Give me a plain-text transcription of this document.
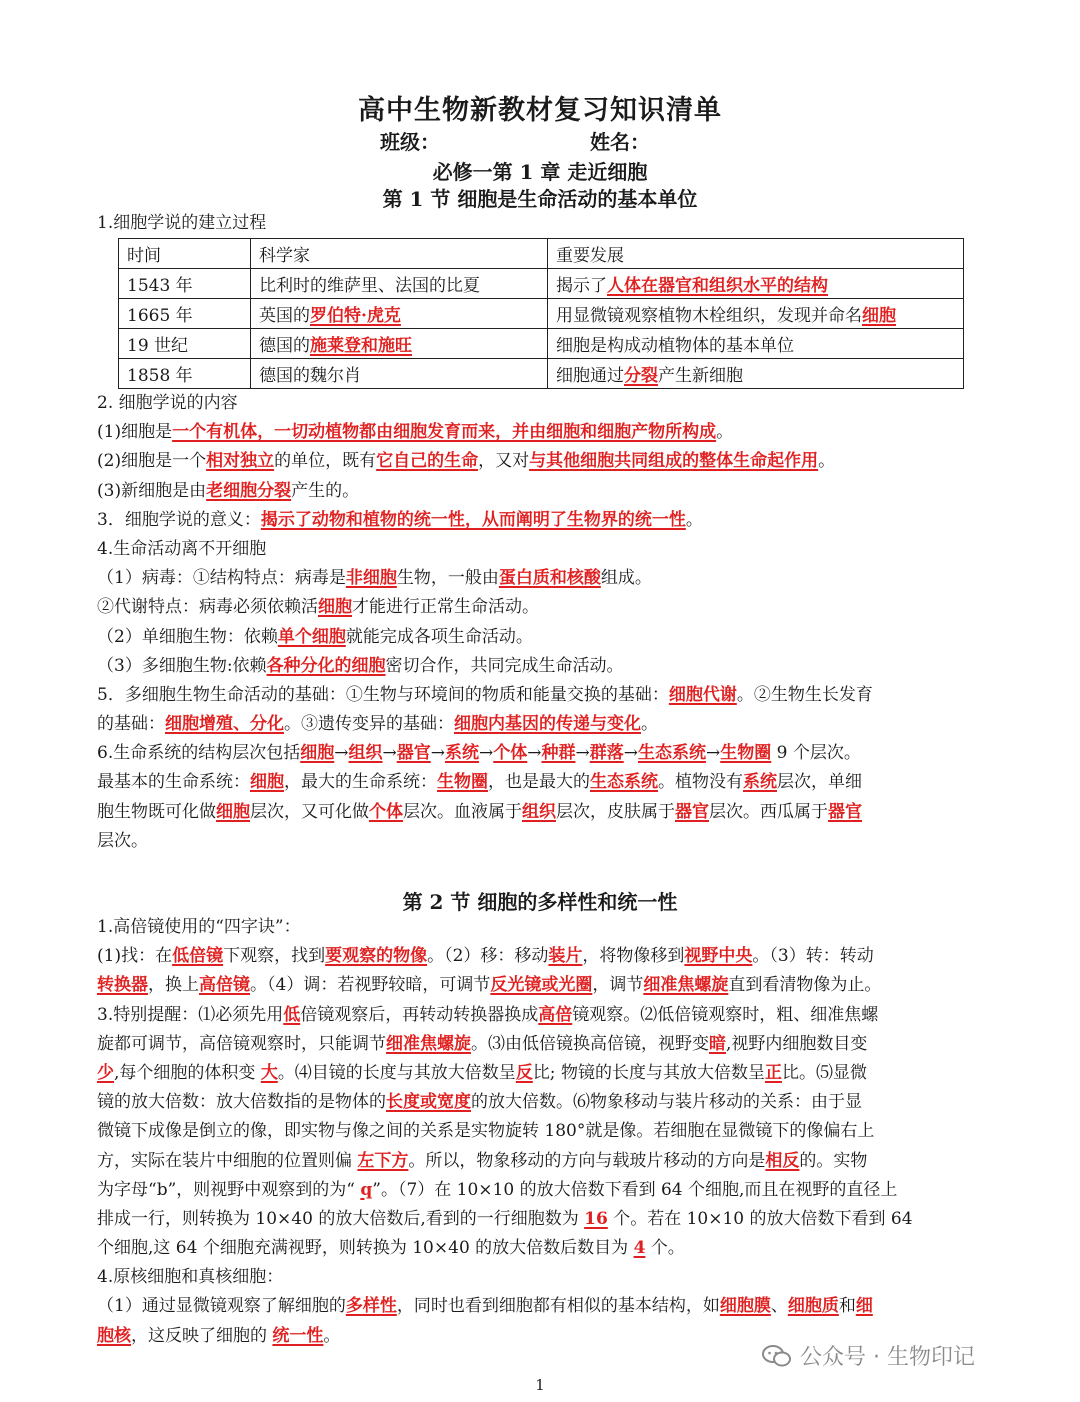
高中生物新教材复习知识清单
班级：	姓名：
必修一第 1 章 走近细胞
第 1 节 细胞是生命活动的基本单位
1.细胞学说的建立过程
时间	科学家	重要发展
1543 年	比利时的维萨里、法国的比夏	揭示了人体在器官和组织水平的结构
1665 年	英国的罗伯特·虎克	用显微镜观察植物木栓组织，发现并命名细胞
19 世纪	德国的施莱登和施旺	细胞是构成动植物体的基本单位
1858 年	德国的魏尔肖	细胞通过分裂产生新细胞
2. 细胞学说的内容
(1)细胞是一个有机体，一切动植物都由细胞发育而来，并由细胞和细胞产物所构成。
(2)细胞是一个相对独立的单位，既有它自己的生命，又对与其他细胞共同组成的整体生命起作用。
(3)新细胞是由老细胞分裂产生的。
3．细胞学说的意义：揭示了动物和植物的统一性，从而阐明了生物界的统一性。
4.生命活动离不开细胞
（1）病毒：①结构特点：病毒是非细胞生物，一般由蛋白质和核酸组成。
②代谢特点：病毒必须依赖活细胞才能进行正常生命活动。
（2）单细胞生物：依赖单个细胞就能完成各项生命活动。
（3）多细胞生物:依赖各种分化的细胞密切合作，共同完成生命活动。
5．多细胞生物生命活动的基础：①生物与环境间的物质和能量交换的基础：细胞代谢。②生物生长发育
的基础：细胞增殖、分化。③遗传变异的基础：细胞内基因的传递与变化。
6.生命系统的结构层次包括细胞→组织→器官→系统→个体→种群→群落→生态系统→生物圈 9 个层次。
最基本的生命系统：细胞，最大的生命系统：生物圈，也是最大的生态系统。植物没有系统层次，单细
胞生物既可化做细胞层次，又可化做个体层次。血液属于组织层次，皮肤属于器官层次。西瓜属于器官
层次。
第 2 节 细胞的多样性和统一性
1.高倍镜使用的“四字诀”：
(1)找：在低倍镜下观察，找到要观察的物像。（2）移：移动装片，将物像移到视野中央。（3）转：转动
转换器，换上高倍镜。（4）调：若视野较暗，可调节反光镜或光圈，调节细准焦螺旋直到看清物像为止。
3.特别提醒：⑴必须先用低倍镜观察后，再转动转换器换成高倍镜观察。⑵低倍镜观察时，粗、细准焦螺
旋都可调节，高倍镜观察时，只能调节细准焦螺旋。⑶由低倍镜换高倍镜，视野变暗,视野内细胞数目变
少,每个细胞的体积变 大。⑷目镜的长度与其放大倍数呈反比; 物镜的长度与其放大倍数呈正比。⑸显微
镜的放大倍数：放大倍数指的是物体的长度或宽度的放大倍数。⑹物象移动与装片移动的关系：由于显
微镜下成像是倒立的像，即实物与像之间的关系是实物旋转 180°就是像。若细胞在显微镜下的像偏右上
方，实际在装片中细胞的位置则偏 左下方。所以，物象移动的方向与载玻片移动的方向是相反的。实物
为字母“b”，则视野中观察到的为“ q”。（7）在 10×10 的放大倍数下看到 64 个细胞,而且在视野的直径上
排成一行，则转换为 10×40 的放大倍数后,看到的一行细胞数为 16 个。若在 10×10 的放大倍数下看到 64
个细胞,这 64 个细胞充满视野，则转换为 10×40 的放大倍数后数目为 4 个。
4.原核细胞和真核细胞：
（1）通过显微镜观察了解细胞的多样性，同时也看到细胞都有相似的基本结构，如细胞膜、细胞质和细
胞核，这反映了细胞的 统一性。
公众号 · 生物印记
1
